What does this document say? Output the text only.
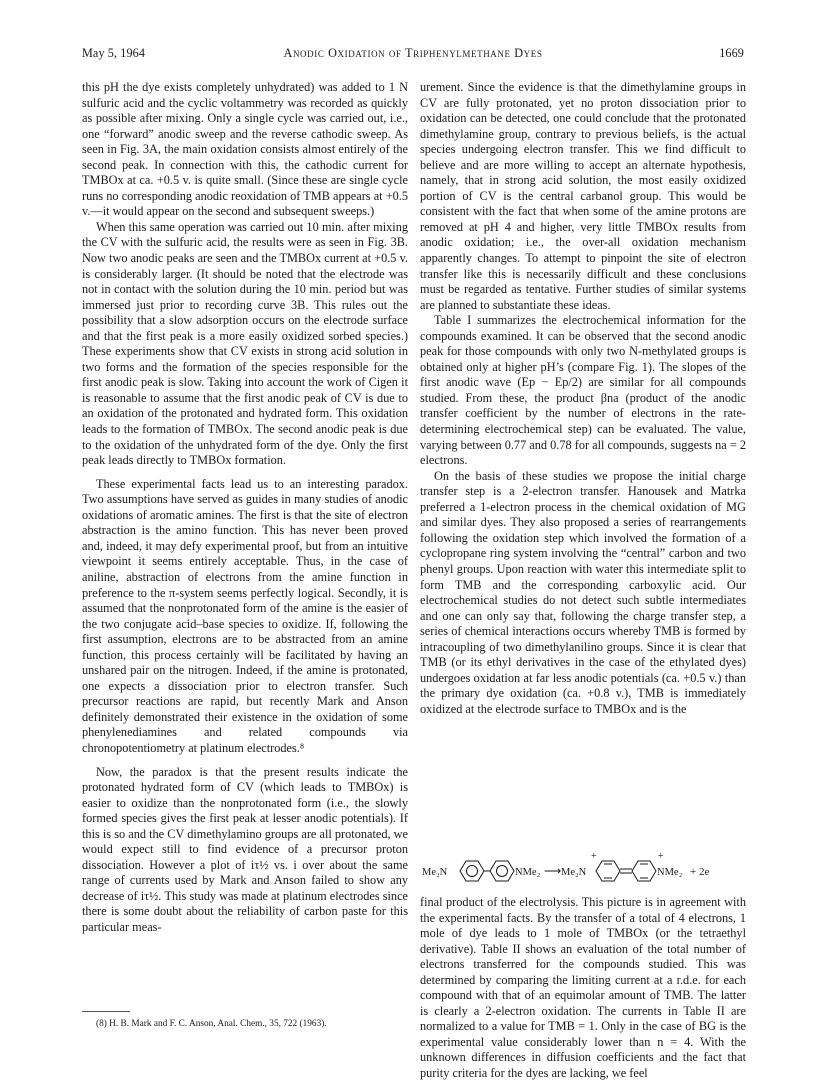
May 5, 1964	Anodic Oxidation of Triphenylmethane Dyes	1669

this pH the dye exists completely unhydrated) was added to 1 N sulfuric acid and the cyclic voltammetry was recorded as quickly as possible after mixing. Only a single cycle was carried out, i.e., one “forward” anodic sweep and the reverse cathodic sweep. As seen in Fig. 3A, the main oxidation consists almost entirely of the second peak. In connection with this, the cathodic current for TMBOx at ca. +0.5 v. is quite small. (Since these are single cycle runs no corresponding anodic reoxidation of TMB appears at +0.5 v.—it would appear on the second and subsequent sweeps.)

When this same operation was carried out 10 min. after mixing the CV with the sulfuric acid, the results were as seen in Fig. 3B. Now two anodic peaks are seen and the TMBOx current at +0.5 v. is considerably larger. (It should be noted that the electrode was not in contact with the solution during the 10 min. period but was immersed just prior to recording curve 3B. This rules out the possibility that a slow adsorption occurs on the electrode surface and that the first peak is a more easily oxidized sorbed species.) These experiments show that CV exists in strong acid solution in two forms and the formation of the species responsible for the first anodic peak is slow. Taking into account the work of Cigen it is reasonable to assume that the first anodic peak of CV is due to an oxidation of the protonated and hydrated form. This oxidation leads to the formation of TMBOx. The second anodic peak is due to the oxidation of the unhydrated form of the dye. Only the first peak leads directly to TMBOx formation.

These experimental facts lead us to an interesting paradox. Two assumptions have served as guides in many studies of anodic oxidations of aromatic amines. The first is that the site of electron abstraction is the amino function. This has never been proved and, indeed, it may defy experimental proof, but from an intuitive viewpoint it seems entirely acceptable. Thus, in the case of aniline, abstraction of electrons from the amine function in preference to the π-system seems perfectly logical. Secondly, it is assumed that the nonprotonated form of the amine is the easier of the two conjugate acid–base species to oxidize. If, following the first assumption, electrons are to be abstracted from an amine function, this process certainly will be facilitated by having an unshared pair on the nitrogen. Indeed, if the amine is protonated, one expects a dissociation prior to electron transfer. Such precursor reactions are rapid, but recently Mark and Anson definitely demonstrated their existence in the oxidation of some phenylenediamines and related compounds via chronopotentiometry at platinum electrodes.⁸

Now, the paradox is that the present results indicate the protonated hydrated form of CV (which leads to TMBOx) is easier to oxidize than the nonprotonated form (i.e., the slowly formed species gives the first peak at lesser anodic potentials). If this is so and the CV dimethylamino groups are all protonated, we would expect still to find evidence of a precursor proton dissociation. However a plot of iτ½ vs. i over about the same range of currents used by Mark and Anson failed to show any decrease of iτ½. This study was made at platinum electrodes since there is some doubt about the reliability of carbon paste for this particular meas-

(8) H. B. Mark and F. C. Anson, Anal. Chem., 35, 722 (1963).

urement. Since the evidence is that the dimethylamine groups in CV are fully protonated, yet no proton dissociation prior to oxidation can be detected, one could conclude that the protonated dimethylamine group, contrary to previous beliefs, is the actual species undergoing electron transfer. This we find difficult to believe and are more willing to accept an alternate hypothesis, namely, that in strong acid solution, the most easily oxidized portion of CV is the central carbanol group. This would be consistent with the fact that when some of the amine protons are removed at pH 4 and higher, very little TMBOx results from anodic oxidation; i.e., the over-all oxidation mechanism apparently changes. To attempt to pinpoint the site of electron transfer like this is necessarily difficult and these conclusions must be regarded as tentative. Further studies of similar systems are planned to substantiate these ideas.

Table I summarizes the electrochemical information for the compounds examined. It can be observed that the second anodic peak for those compounds with only two N-methylated groups is obtained only at higher pH’s (compare Fig. 1). The slopes of the first anodic wave (Ep − Ep/2) are similar for all compounds studied. From these, the product βna (product of the anodic transfer coefficient by the number of electrons in the rate-determining electrochemical step) can be evaluated. The value, varying between 0.77 and 0.78 for all compounds, suggests na = 2 electrons.

On the basis of these studies we propose the initial charge transfer step is a 2-electron transfer. Hanousek and Matrka preferred a 1-electron process in the chemical oxidation of MG and similar dyes. They also proposed a series of rearrangements following the oxidation step which involved the formation of a cyclopropane ring system involving the “central” carbon and two phenyl groups. Upon reaction with water this intermediate split to form TMB and the corresponding carboxylic acid. Our electrochemical studies do not detect such subtle intermediates and one can only say that, following the charge transfer step, a series of chemical interactions occurs whereby TMB is formed by intracoupling of two dimethylanilino groups. Since it is clear that TMB (or its ethyl derivatives in the case of the ethylated dyes) undergoes oxidation at far less anodic potentials (ca. +0.5 v.) than the primary dye oxidation (ca. +0.8 v.), TMB is immediately oxidized at the electrode surface to TMBOx and is the

Me₂N	NMe₂ ⟶ Me₂N
+	+
NMe₂ + 2e

final product of the electrolysis. This picture is in agreement with the experimental facts. By the transfer of a total of 4 electrons, 1 mole of dye leads to 1 mole of TMBOx (or the tetraethyl derivative). Table II shows an evaluation of the total number of electrons transferred for the compounds studied. This was determined by comparing the limiting current at a r.d.e. for each compound with that of an equimolar amount of TMB. The latter is clearly a 2-electron oxidation. The currents in Table II are normalized to a value for TMB = 1. Only in the case of BG is the experimental value considerably lower than n = 4. With the unknown differences in diffusion coefficients and the fact that purity criteria for the dyes are lacking, we feel
